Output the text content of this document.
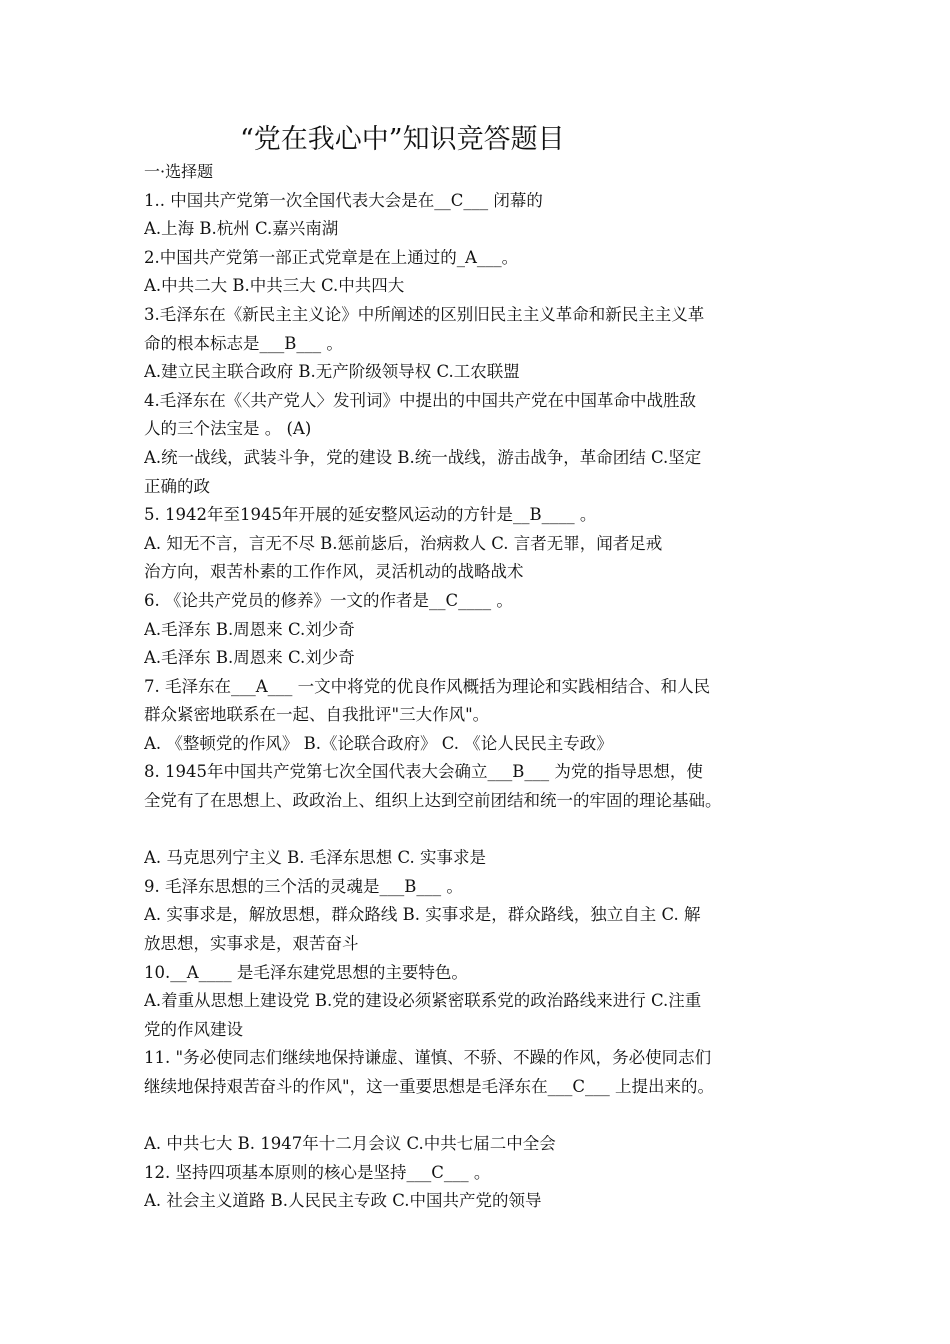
“党在我心中”知识竞答题目
一·选择题
1.. 中国共产党第一次全国代表大会是在__C___ 闭幕的
A.上海 B.杭州 C.嘉兴南湖
2.中国共产党第一部正式党章是在上通过的_A___。
A.中共二大 B.中共三大 C.中共四大
3.毛泽东在《新民主主义论》中所阐述的区别旧民主主义革命和新民主主义革
命的根本标志是___B___ 。
A.建立民主联合政府 B.无产阶级领导权 C.工农联盟
4.毛泽东在《〈共产党人〉发刊词》中提出的中国共产党在中国革命中战胜敌
人的三个法宝是 。 (A)
A.统一战线，武装斗争，党的建设 B.统一战线，游击战争，革命团结 C.坚定
正确的政
5. 1942年至1945年开展的延安整风运动的方针是__B____ 。
A. 知无不言，言无不尽 B.惩前毖后，治病救人 C. 言者无罪，闻者足戒
治方向，艰苦朴素的工作作风，灵活机动的战略战术
6. 《论共产党员的修养》一文的作者是__C____ 。
A.毛泽东 B.周恩来 C.刘少奇
A.毛泽东 B.周恩来 C.刘少奇
7. 毛泽东在___A___ 一文中将党的优良作风概括为理论和实践相结合、和人民
群众紧密地联系在一起、自我批评"三大作风"。
A. 《整顿党的作风》 B.《论联合政府》 C. 《论人民民主专政》
8. 1945年中国共产党第七次全国代表大会确立___B___ 为党的指导思想，使
全党有了在思想上、政政治上、组织上达到空前团结和统一的牢固的理论基础。
A. 马克思列宁主义 B. 毛泽东思想 C. 实事求是
9. 毛泽东思想的三个活的灵魂是___B___ 。
A. 实事求是，解放思想，群众路线 B. 实事求是，群众路线，独立自主 C. 解
放思想，实事求是，艰苦奋斗
10.__A____ 是毛泽东建党思想的主要特色。
A.着重从思想上建设党 B.党的建设必须紧密联系党的政治路线来进行 C.注重
党的作风建设
11. "务必使同志们继续地保持谦虚、谨慎、不骄、不躁的作风，务必使同志们
继续地保持艰苦奋斗的作风"，这一重要思想是毛泽东在___C___ 上提出来的。
A. 中共七大 B. 1947年十二月会议 C.中共七届二中全会
12. 坚持四项基本原则的核心是坚持___C___ 。
A. 社会主义道路 B.人民民主专政 C.中国共产党的领导
